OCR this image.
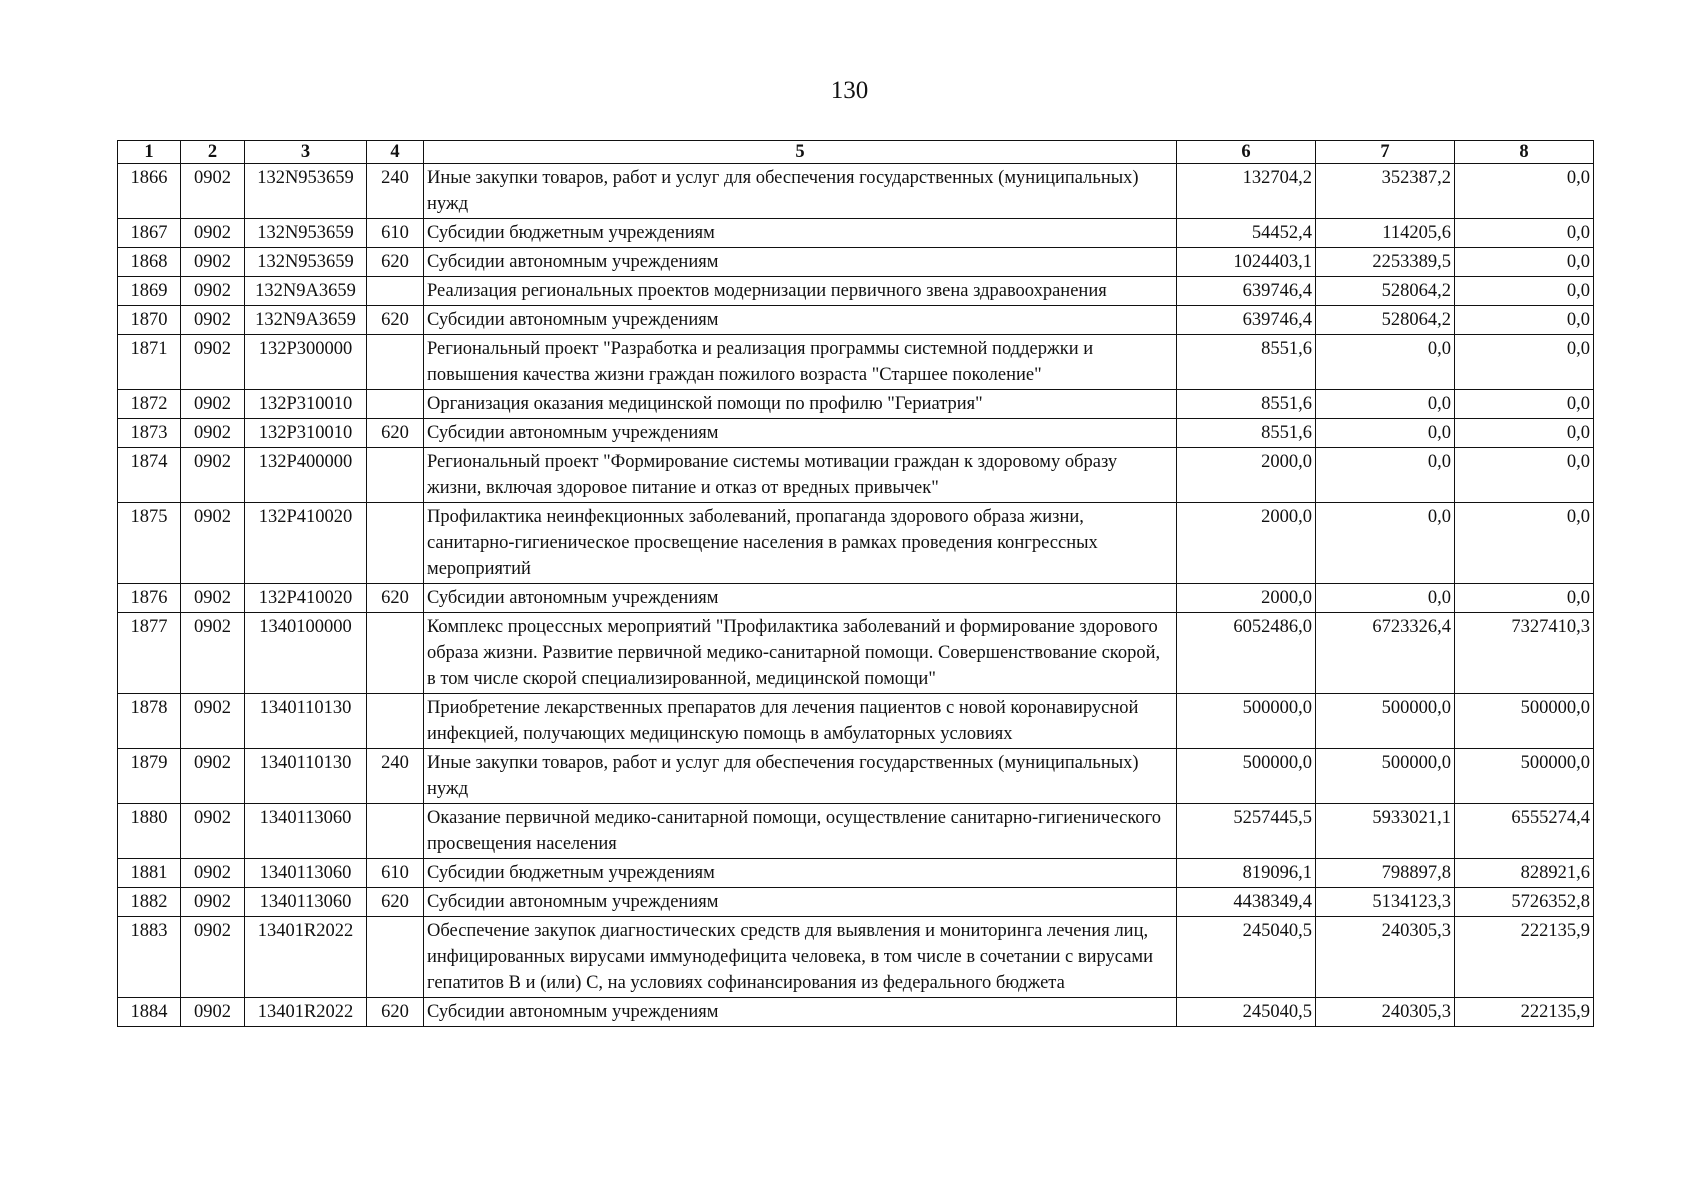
130
1	2	3	4	5	6	7	8
1866	0902	132N953659	240	Иные закупки товаров, работ и услуг для обеспечения государственных (муниципальных) нужд	132704,2	352387,2	0,0
1867	0902	132N953659	610	Субсидии бюджетным учреждениям	54452,4	114205,6	0,0
1868	0902	132N953659	620	Субсидии автономным учреждениям	1024403,1	2253389,5	0,0
1869	0902	132N9A3659		Реализация региональных проектов модернизации первичного звена здравоохранения	639746,4	528064,2	0,0
1870	0902	132N9A3659	620	Субсидии автономным учреждениям	639746,4	528064,2	0,0
1871	0902	132P300000		Региональный проект "Разработка и реализация программы системной поддержки и повышения качества жизни граждан пожилого возраста "Старшее поколение"	8551,6	0,0	0,0
1872	0902	132P310010		Организация оказания медицинской помощи по профилю "Гериатрия"	8551,6	0,0	0,0
1873	0902	132P310010	620	Субсидии автономным учреждениям	8551,6	0,0	0,0
1874	0902	132P400000		Региональный проект "Формирование системы мотивации граждан к здоровому образу жизни, включая здоровое питание и отказ от вредных привычек"	2000,0	0,0	0,0
1875	0902	132P410020		Профилактика неинфекционных заболеваний, пропаганда здорового образа жизни, санитарно-гигиеническое просвещение населения в рамках проведения конгрессных мероприятий	2000,0	0,0	0,0
1876	0902	132P410020	620	Субсидии автономным учреждениям	2000,0	0,0	0,0
1877	0902	1340100000		Комплекс процессных мероприятий "Профилактика заболеваний и формирование здорового образа жизни. Развитие первичной медико-санитарной помощи. Совершенствование скорой, в том числе скорой специализированной, медицинской помощи"	6052486,0	6723326,4	7327410,3
1878	0902	1340110130		Приобретение лекарственных препаратов для лечения пациентов с новой коронавирусной инфекцией, получающих медицинскую помощь в амбулаторных условиях	500000,0	500000,0	500000,0
1879	0902	1340110130	240	Иные закупки товаров, работ и услуг для обеспечения государственных (муниципальных) нужд	500000,0	500000,0	500000,0
1880	0902	1340113060		Оказание первичной медико-санитарной помощи, осуществление санитарно-гигиенического просвещения населения	5257445,5	5933021,1	6555274,4
1881	0902	1340113060	610	Субсидии бюджетным учреждениям	819096,1	798897,8	828921,6
1882	0902	1340113060	620	Субсидии автономным учреждениям	4438349,4	5134123,3	5726352,8
1883	0902	13401R2022		Обеспечение закупок диагностических средств для выявления и мониторинга лечения лиц, инфицированных вирусами иммунодефицита человека, в том числе в сочетании с вирусами гепатитов B и (или) C, на условиях софинансирования из федерального бюджета	245040,5	240305,3	222135,9
1884	0902	13401R2022	620	Субсидии автономным учреждениям	245040,5	240305,3	222135,9
